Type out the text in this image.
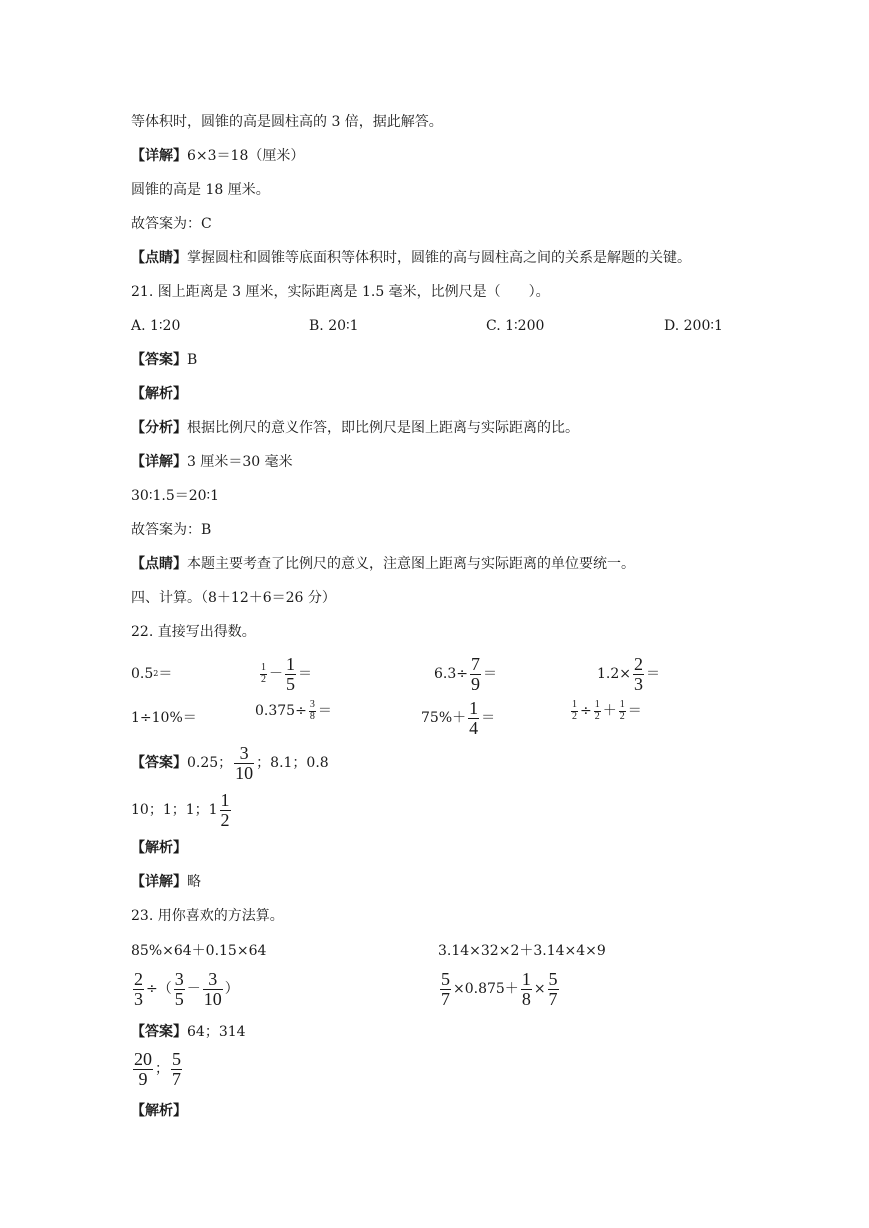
等体积时，圆锥的高是圆柱高的 3 倍，据此解答。
【详解】6×3＝18（厘米）
圆锥的高是 18 厘米。
故答案为：C
【点睛】掌握圆柱和圆锥等底面积等体积时，圆锥的高与圆柱高之间的关系是解题的关键。
21. 图上距离是 3 厘米，实际距离是 1.5 毫米，比例尺是（　　）。
A. 1∶20	B. 20∶1	C. 1∶200	D. 200∶1
【答案】B
【解析】
【分析】根据比例尺的意义作答，即比例尺是图上距离与实际距离的比。
【详解】3 厘米＝30 毫米
30∶1.5＝20∶1
故答案为：B
【点睛】本题主要考查了比例尺的意义，注意图上距离与实际距离的单位要统一。
四、计算。（8＋12＋6＝26 分）
22. 直接写出得数。
0.5 2 ＝	$\frac{1}{2} - \frac{1}{5}$ ＝	$6.3\div \frac{7}{9}$ ＝	$1.2\times \frac{2}{3}$ ＝
1÷10%＝	$0.375\div \frac{3}{8}$ ＝	$75\%+ \frac{1}{4}$ ＝	$\frac{1}{2} \div \frac{1}{2} + \frac{1}{2}$ ＝
【答案】 0.25； $\frac{3}{10}$ ；8.1；0.8
10；1；1；$1 \frac{1}{2}$
【解析】
【详解】略
23. 用你喜欢的方法算。
85%×64＋0.15×64	3.14×32×2＋3.14×4×9
$\frac{2}{3}$ ÷ （ $\frac{3}{5} - \frac{3}{10}$ ）	$\frac{5}{7} \times 0.875+ \frac{1}{8} \times \frac{5}{7}$
【答案】64；314
$\frac{20}{9}$ ； $\frac{5}{7}$
【解析】
